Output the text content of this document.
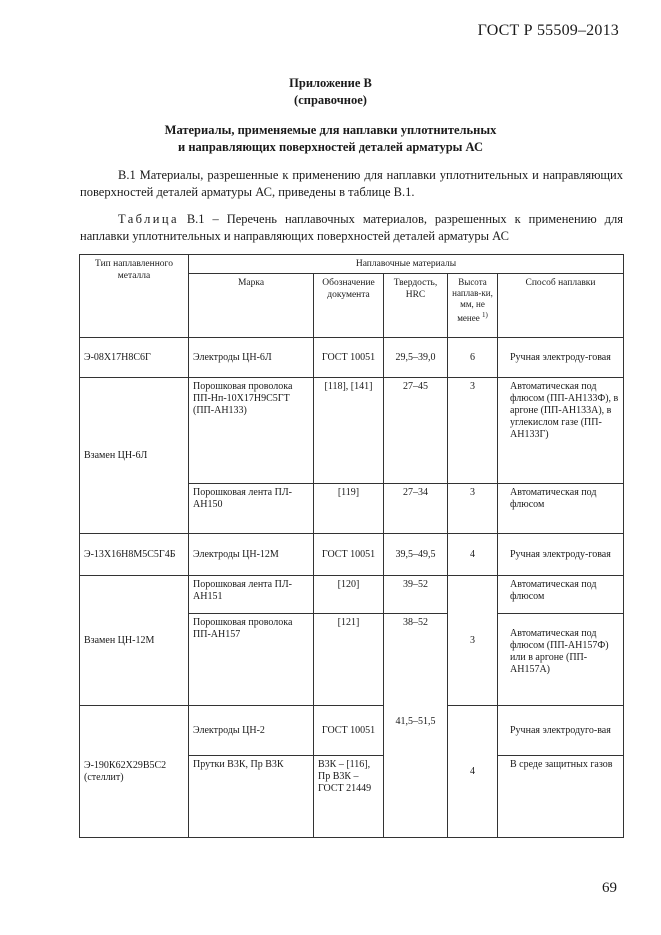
ГОСТ Р 55509–2013
Приложение В
(справочное)
Материалы, применяемые для наплавки уплотнительных
и направляющих поверхностей деталей арматуры АС
В.1 Материалы, разрешенные к применению для наплавки уплотнительных и направляющих поверхностей деталей арматуры АС, приведены в таблице В.1.
Таблица В.1 – Перечень наплавочных материалов, разрешенных к применению для наплавки уплотнительных и направляющих поверхностей деталей арматуры АС
Тип наплавленного металла	Наплавочные материалы				
	Марка	Обозначение документа	Твердость, HRC	Высота наплав-ки, мм, не менее $^{1)}$	Способ наплавки
Э-08Х17Н8С6Г	Электроды ЦН-6Л	ГОСТ 10051	29,5–39,0	6	Ручная электроду-говая
Взамен ЦН-6Л	Порошковая проволока ПП-Нп-10Х17Н9С5ГТ (ПП-АН133)	[118], [141]	27–45	3	Автоматическая под флюсом (ПП-АН133Ф), в аргоне (ПП-АН133А), в углекислом газе (ПП-АН133Г)
	Порошковая лента ПЛ-АН150	[119]	27–34	3	Автоматическая под флюсом
Э-13Х16Н8М5С5Г4Б	Электроды ЦН-12М	ГОСТ 10051	39,5–49,5	4	Ручная электроду-говая
Взамен ЦН-12М	Порошковая лента ПЛ-АН151	[120]	39–52	3	Автоматическая под флюсом
	Порошковая проволока ПП-АН157	[121]	38–52		Автоматическая под флюсом (ПП-АН157Ф) или в аргоне (ПП-АН157А)
Э-190К62Х29В5С2 (стеллит)	Электроды ЦН-2	ГОСТ 10051	41,5–51,5	4	Ручная электродуго-вая
	Прутки В3К, Пр В3К	В3К – [116], Пр В3К – ГОСТ 21449			В среде защитных газов
69
